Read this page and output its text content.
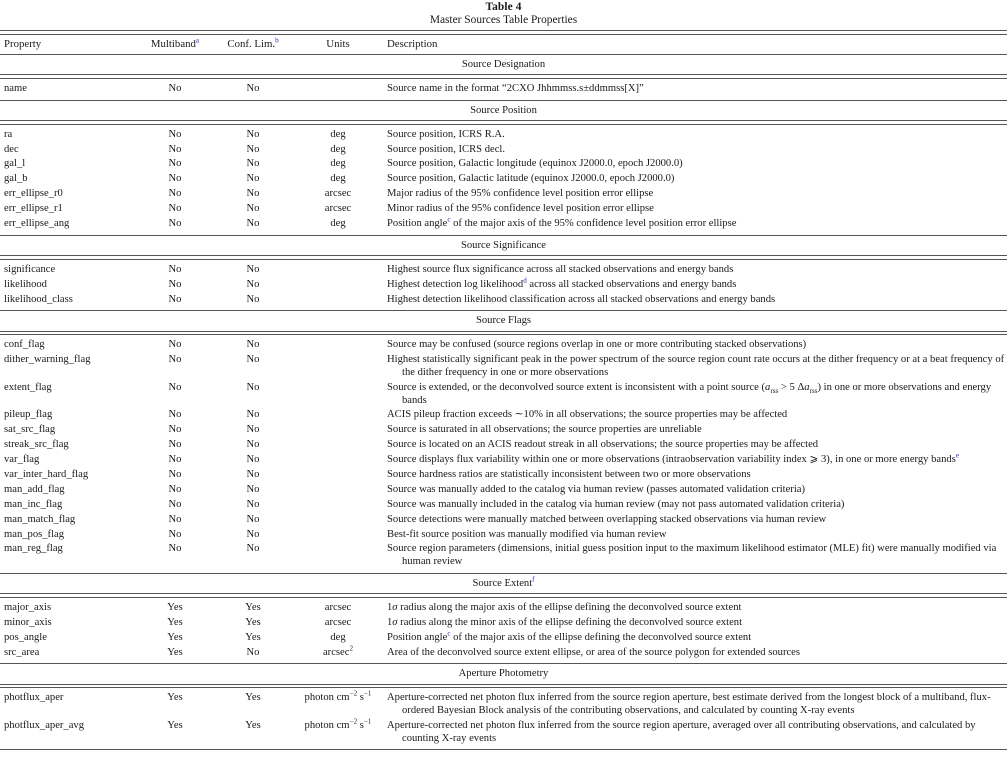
Table 4
Master Sources Table Properties

Property	Multiband$^a$	Conf. Lim.$^b$	Units	Description

Source Designation				

name	No	No		Source name in the format “2CXO Jhhmmss.s±ddmmss[X]”

Source Position				

ra	No	No	deg	Source position, ICRS R.A.

dec	No	No	deg	Source position, ICRS decl.

gal_l	No	No	deg	Source position, Galactic longitude (equinox J2000.0, epoch J2000.0)

gal_b	No	No	deg	Source position, Galactic latitude (equinox J2000.0, epoch J2000.0)

err_ellipse_r0	No	No	arcsec	Major radius of the 95% confidence level position error ellipse

err_ellipse_r1	No	No	arcsec	Minor radius of the 95% confidence level position error ellipse

err_ellipse_ang	No	No	deg	Position angle$^c$ of the major axis of the 95% confidence level position error ellipse

Source Significance				

significance	No	No		Highest source flux significance across all stacked observations and energy bands

likelihood	No	No		Highest detection log likelihood$^d$ across all stacked observations and energy bands

likelihood_class	No	No		Highest detection likelihood classification across all stacked observations and energy bands

Source Flags				

conf_flag	No	No		Source may be confused (source regions overlap in one or more contributing stacked observations)

dither_warning_flag	No	No		Highest statistically significant peak in the power spectrum of the source region count rate occurs at the dither frequency or at a beat frequency of the dither frequency in one or more observations

extent_flag	No	No		Source is extended, or the deconvolved source extent is inconsistent with a point source ($a_{rss} > 5$ $\Delta a_{rss}$) in one or more observations and energy bands

pileup_flag	No	No		ACIS pileup fraction exceeds ∼10% in all observations; the source properties may be affected

sat_src_flag	No	No		Source is saturated in all observations; the source properties are unreliable

streak_src_flag	No	No		Source is located on an ACIS readout streak in all observations; the source properties may be affected

var_flag	No	No		Source displays flux variability within one or more observations (intraobservation variability index ⩾ 3), in one or more energy bands$^e$

var_inter_hard_flag	No	No		Source hardness ratios are statistically inconsistent between two or more observations

man_add_flag	No	No		Source was manually added to the catalog via human review (passes automated validation criteria)

man_inc_flag	No	No		Source was manually included in the catalog via human review (may not pass automated validation criteria)

man_match_flag	No	No		Source detections were manually matched between overlapping stacked observations via human review

man_pos_flag	No	No		Best-fit source position was manually modified via human review

man_reg_flag	No	No		Source region parameters (dimensions, initial guess position input to the maximum likelihood estimator (MLE) fit) were manually modified via human review

Source Extent$^f$

major_axis	Yes	Yes	arcsec	1σ radius along the major axis of the ellipse defining the deconvolved source extent

minor_axis	Yes	Yes	arcsec	1σ radius along the minor axis of the ellipse defining the deconvolved source extent

pos_angle	Yes	Yes	deg	Position angle$^c$ of the major axis of the ellipse defining the deconvolved source extent

src_area	Yes	No	arcsec$^2$	Area of the deconvolved source extent ellipse, or area of the source polygon for extended sources

Aperture Photometry				

photflux_aper	Yes	Yes	photon $cm^{-2}$ $s^{-1}$	Aperture-corrected net photon flux inferred from the source region aperture, best estimate derived from the longest block of a multiband, flux-ordered Bayesian Block analysis of the contributing observations, and calculated by counting X-ray events

photflux_aper_avg	Yes	Yes	photon $cm^{-2}$ $s^{-1}$	Aperture-corrected net photon flux inferred from the source region aperture, averaged over all contributing observations, and calculated by counting X-ray events
